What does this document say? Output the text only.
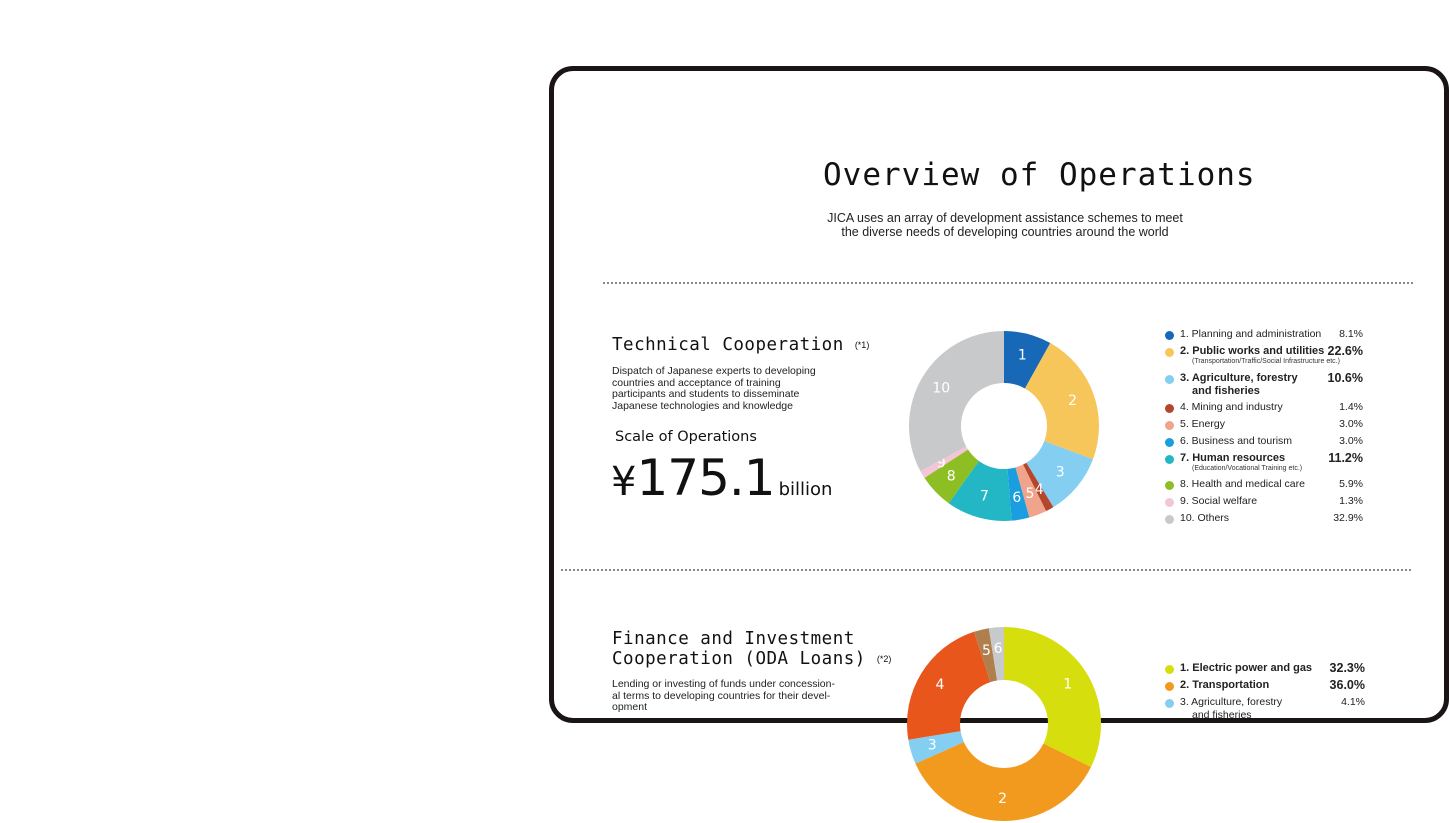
Overview of Operations
JICA uses an array of development assistance schemes to meet
the diverse needs of developing countries around the world
Technical Cooperation (*1)
Dispatch of Japanese experts to developing
countries and acceptance of training
participants and students to disseminate
Japanese technologies and knowledge
Scale of Operations
¥175.1 billion
1
2
3
4
5
6
7
8
9
10
1. Planning and administration	8.1%
2. Public works and utilities 22.6%
(Transportation/Traffic/Social Infrastructure etc.)
3. Agriculture, forestry
and fisheries
10.6%
4. Mining and industry	1.4%
5. Energy	3.0%
6. Business and tourism	3.0%
7. Human resources	11.2%
(Education/Vocational Training etc.)
8. Health and medical care	5.9%
9. Social welfare	1.3%
10. Others	32.9%
Finance and Investment
Cooperation (ODA Loans) (*2)
Lending or investing of funds under concession-
al terms to developing countries for their devel-
opment
1
2
3
4
5 6
1. Electric power and gas	32.3%
2. Transportation	36.0%
3. Agriculture, forestry
and fisheries
4.1%
